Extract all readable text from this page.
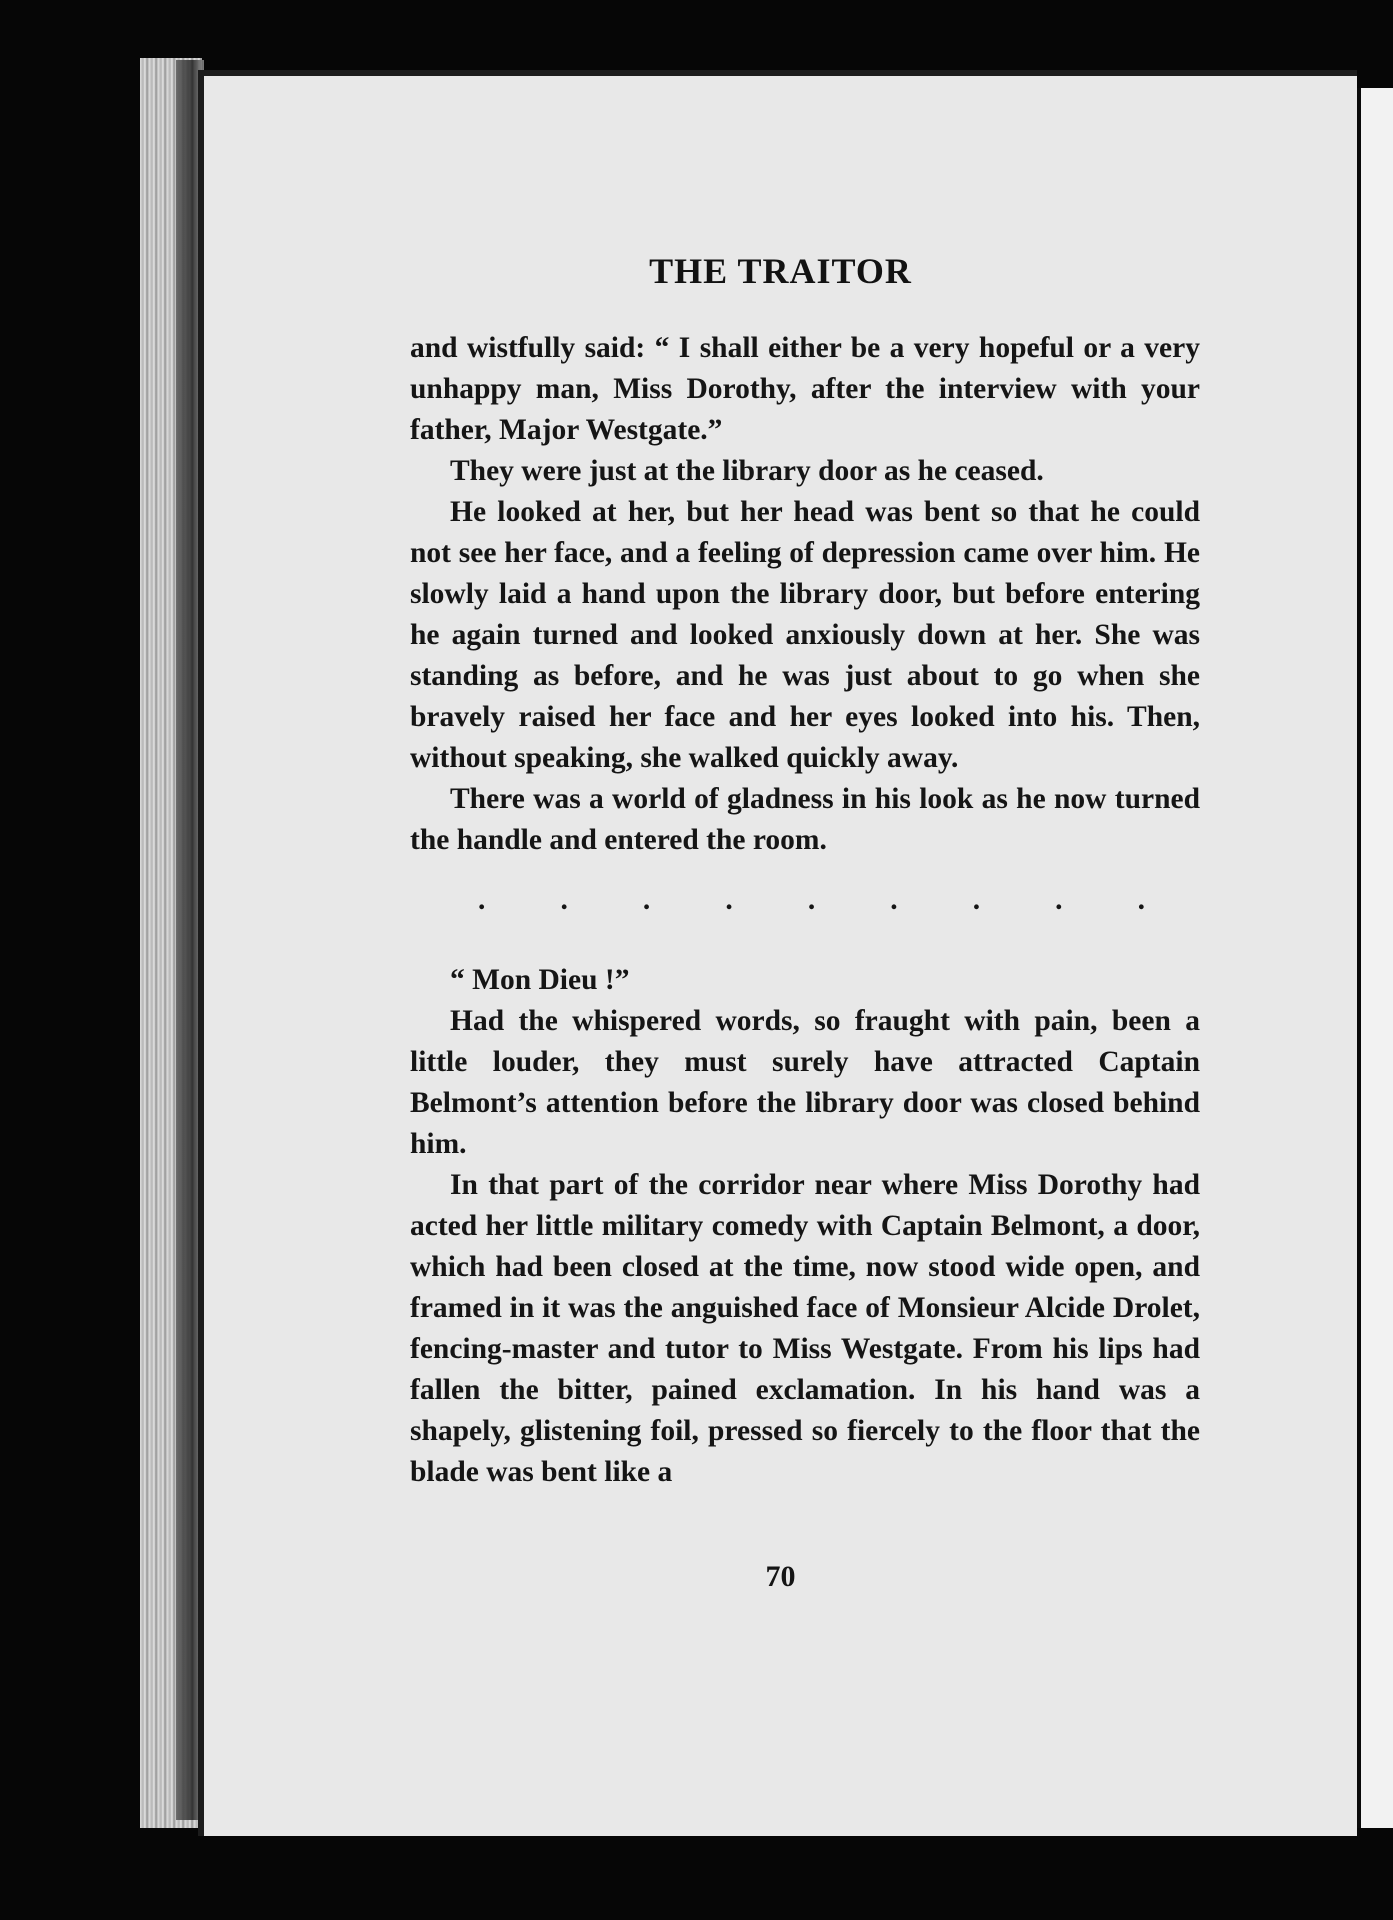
THE TRAITOR

and wistfully said: “ I shall either be a very hopeful or a very unhappy man, Miss Dorothy, after the interview with your father, Major Westgate.”

They were just at the library door as he ceased.

He looked at her, but her head was bent so that he could not see her face, and a feeling of depression came over him. He slowly laid a hand upon the library door, but before entering he again turned and looked anxiously down at her. She was standing as before, and he was just about to go when she bravely raised her face and her eyes looked into his. Then, without speaking, she walked quickly away.

There was a world of gladness in his look as he now turned the handle and entered the room.

.	.	.	.	.	.	.	.	.

“ Mon Dieu !”

Had the whispered words, so fraught with pain, been a little louder, they must surely have attracted Captain Belmont’s attention before the library door was closed behind him.

In that part of the corridor near where Miss Dorothy had acted her little military comedy with Captain Belmont, a door, which had been closed at the time, now stood wide open, and framed in it was the anguished face of Monsieur Alcide Drolet, fencing-master and tutor to Miss Westgate. From his lips had fallen the bitter, pained exclamation. In his hand was a shapely, glistening foil, pressed so fiercely to the floor that the blade was bent like a

70
